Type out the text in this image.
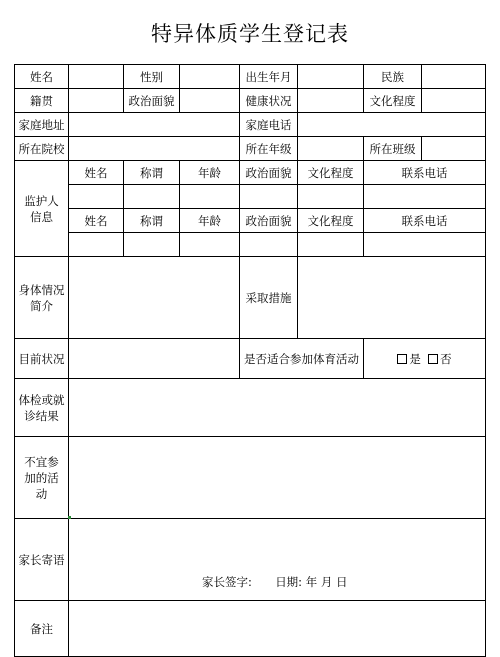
特异体质学生登记表
姓名		性别		出生年月		民族	
籍贯		政治面貌		健康状况		文化程度	
家庭地址				家庭电话			
所在院校				所在年级		所在班级	

监护人信息	姓名	称谓	年龄	政治面貌	文化程度	联系电话	

	姓名	称谓	年龄	政治面貌	文化程度	联系电话	

身体情况简介				采取措施			
目前状况				是否适合参加体育活动		是 否	

体检或就诊结果							

不宜参加的活动							

家长寄语	家长签字: 日期: 年 月 日						

备注							
